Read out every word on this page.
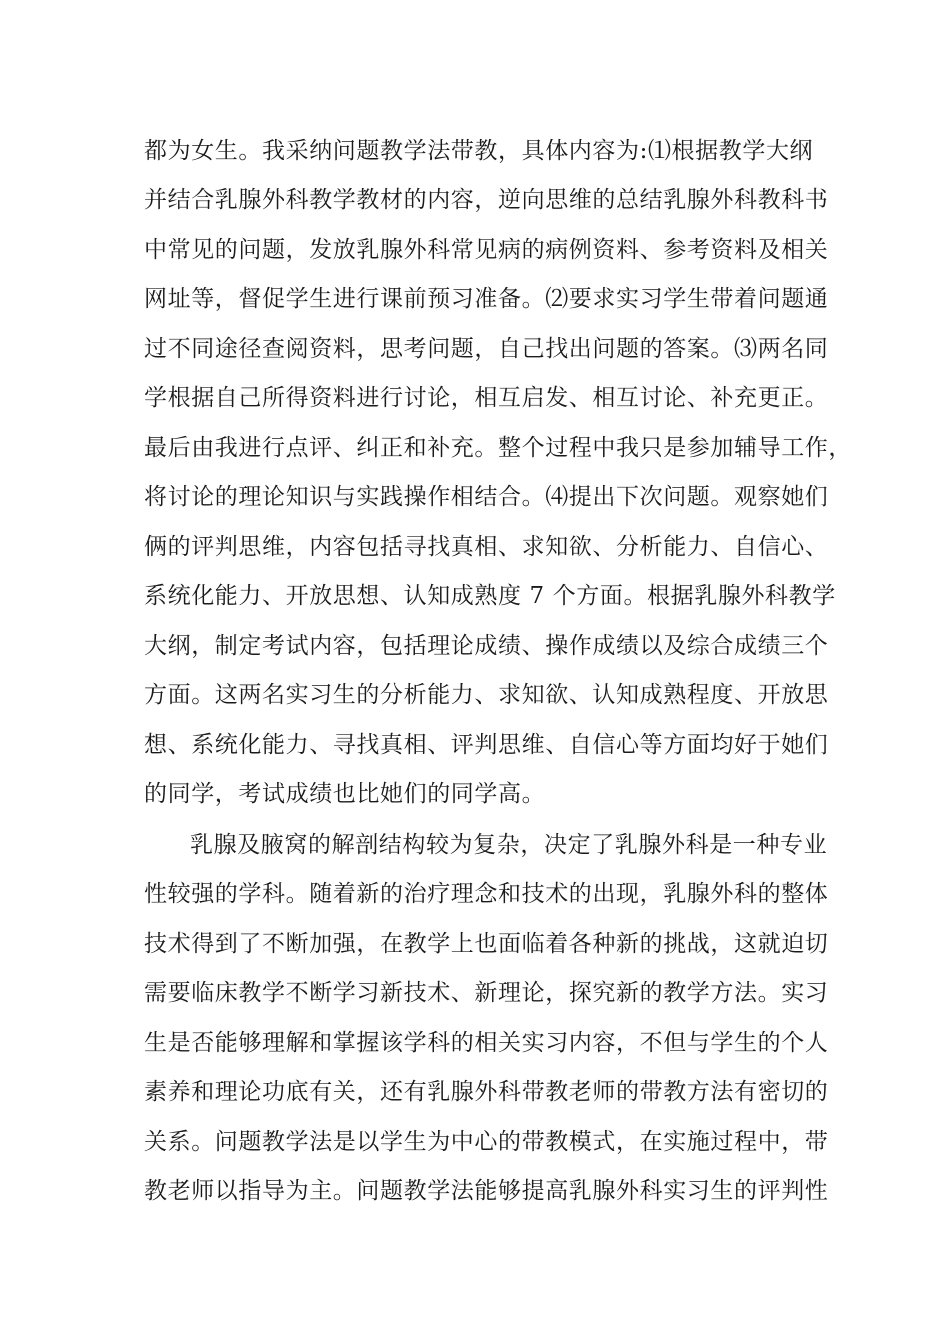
都为女生。我采纳问题教学法带教，具体内容为:⑴根据教学大纲
并结合乳腺外科教学教材的内容，逆向思维的总结乳腺外科教科书
中常见的问题，发放乳腺外科常见病的病例资料、参考资料及相关
网址等，督促学生进行课前预习准备。⑵要求实习学生带着问题通
过不同途径查阅资料，思考问题，自己找出问题的答案。⑶两名同
学根据自己所得资料进行讨论，相互启发、相互讨论、补充更正。
最后由我进行点评、纠正和补充。整个过程中我只是参加辅导工作，
将讨论的理论知识与实践操作相结合。⑷提出下次问题。观察她们
俩的评判思维，内容包括寻找真相、求知欲、分析能力、自信心、
系统化能力、开放思想、认知成熟度 7 个方面。根据乳腺外科教学
大纲，制定考试内容，包括理论成绩、操作成绩以及综合成绩三个
方面。这两名实习生的分析能力、求知欲、认知成熟程度、开放思
想、系统化能力、寻找真相、评判思维、自信心等方面均好于她们
的同学，考试成绩也比她们的同学高。
乳腺及腋窝的解剖结构较为复杂，决定了乳腺外科是一种专业
性较强的学科。随着新的治疗理念和技术的出现，乳腺外科的整体
技术得到了不断加强，在教学上也面临着各种新的挑战，这就迫切
需要临床教学不断学习新技术、新理论，探究新的教学方法。实习
生是否能够理解和掌握该学科的相关实习内容，不但与学生的个人
素养和理论功底有关，还有乳腺外科带教老师的带教方法有密切的
关系。问题教学法是以学生为中心的带教模式，在实施过程中，带
教老师以指导为主。问题教学法能够提高乳腺外科实习生的评判性
